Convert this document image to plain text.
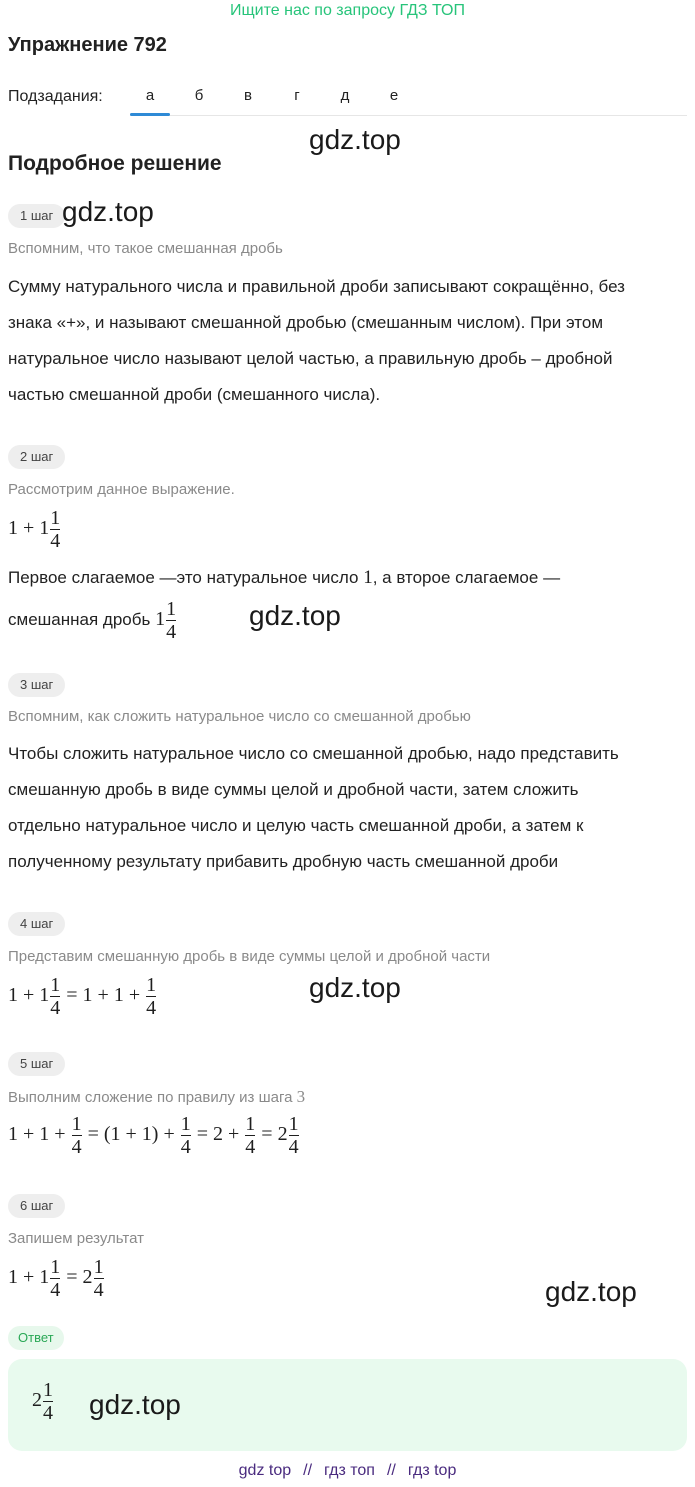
Ищите нас по запросу ГДЗ ТОП
Упражнение 792
Подзадания:	а	б	в	г	д	е
gdz.top
Подробное решение
1 шаг gdz.top
Вспомним, что такое смешанная дробь
Сумму натурального числа и правильной дроби записывают сокращённо, без
знака «+», и называют смешанной дробью (смешанным числом). При этом
натуральное число называют целой частью, а правильную дробь – дробной
частью смешанной дроби (смешанного числа).
2 шаг
Рассмотрим данное выражение.
$1 + 1 \frac{1}{4}$
Первое слагаемое —это натуральное число 1, а второе слагаемое —
смешанная дробь $1 \frac{1}{4}$	gdz.top
3 шаг
Вспомним, как сложить натуральное число со смешанной дробью
Чтобы сложить натуральное число со смешанной дробью, надо представить
смешанную дробь в виде суммы целой и дробной части, затем сложить
отдельно натуральное число и целую часть смешанной дроби, а затем к
полученному результату прибавить дробную часть смешанной дроби
4 шаг
Представим смешанную дробь в виде суммы целой и дробной части
$1 + 1 \frac{1}{4} = 1 + 1 + \frac{1}{4}$	gdz.top
5 шаг
Выполним сложение по правилу из шага 3
$1 + 1 + \frac{1}{4} = (1 + 1) + \frac{1}{4} = 2 + \frac{1}{4} = 2 \frac{1}{4}$
6 шаг
Запишем результат
$1 + 1 \frac{1}{4} = 2 \frac{1}{4}$	gdz.top
Ответ
$2 \frac{1}{4} gdz.top$
gdz top // гдз топ // гдз top
